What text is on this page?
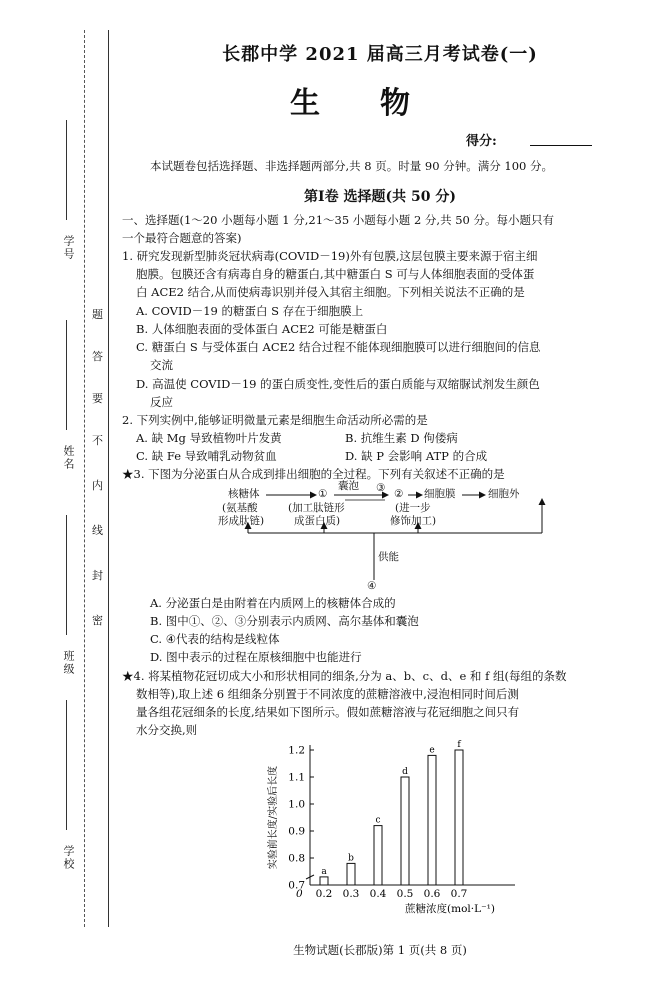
学号
姓名
班级
学校
密
封
线
内
不
要
答
题
长郡中学 2021 届高三月考试卷(一)
生物
得分:
本试题卷包括选择题、非选择题两部分,共 8 页。时量 90 分钟。满分 100 分。
第Ⅰ卷 选择题(共 50 分)
一、选择题(1～20 小题每小题 1 分,21～35 小题每小题 2 分,共 50 分。每小题只有
一个最符合题意的答案)
1. 研究发现新型肺炎冠状病毒(COVID－19)外有包膜,这层包膜主要来源于宿主细
胞膜。包膜还含有病毒自身的糖蛋白,其中糖蛋白 S 可与人体细胞表面的受体蛋
白 ACE2 结合,从而使病毒识别并侵入其宿主细胞。下列相关说法不正确的是
A. COVID－19 的糖蛋白 S 存在于细胞膜上
B. 人体细胞表面的受体蛋白 ACE2 可能是糖蛋白
C. 糖蛋白 S 与受体蛋白 ACE2 结合过程不能体现细胞膜可以进行细胞间的信息
交流
D. 高温使 COVID－19 的蛋白质变性,变性后的蛋白质能与双缩脲试剂发生颜色
反应
2. 下列实例中,能够证明微量元素是细胞生命活动所必需的是
A. 缺 Mg 导致植物叶片发黄	B. 抗维生素 D 佝偻病
C. 缺 Fe 导致哺乳动物贫血	D. 缺 P 会影响 ATP 的合成
★3. 下图为分泌蛋白从合成到排出细胞的全过程。下列有关叙述不正确的是
核糖体
(氨基酸
形成肽链)
①
(加工肽链形
成蛋白质)
囊泡 ③ ②
(进一步
修饰加工)
细胞膜	细胞外
供能
④
A. 分泌蛋白是由附着在内质网上的核糖体合成的
B. 图中①、②、③分别表示内质网、高尔基体和囊泡
C. ④代表的结构是线粒体
D. 图中表示的过程在原核细胞中也能进行
★4. 将某植物花冠切成大小和形状相同的细条,分为 a、b、c、d、e 和 f 组(每组的条数
数相等),取上述 6 组细条分别置于不同浓度的蔗糖溶液中,浸泡相同时间后测
量各组花冠细条的长度,结果如下图所示。假如蔗糖溶液与花冠细胞之间只有
水分交换,则
0.7
0.8
0.9
1.0
1.1
1.2
0
a
0.2
b
0.3
c
0.4
d
0.5
e
0.6
f
0.7
蔗糖浓度(mol·L⁻¹)
实验前长度/实验后长度
生物试题(长郡版)第 1 页(共 8 页)
